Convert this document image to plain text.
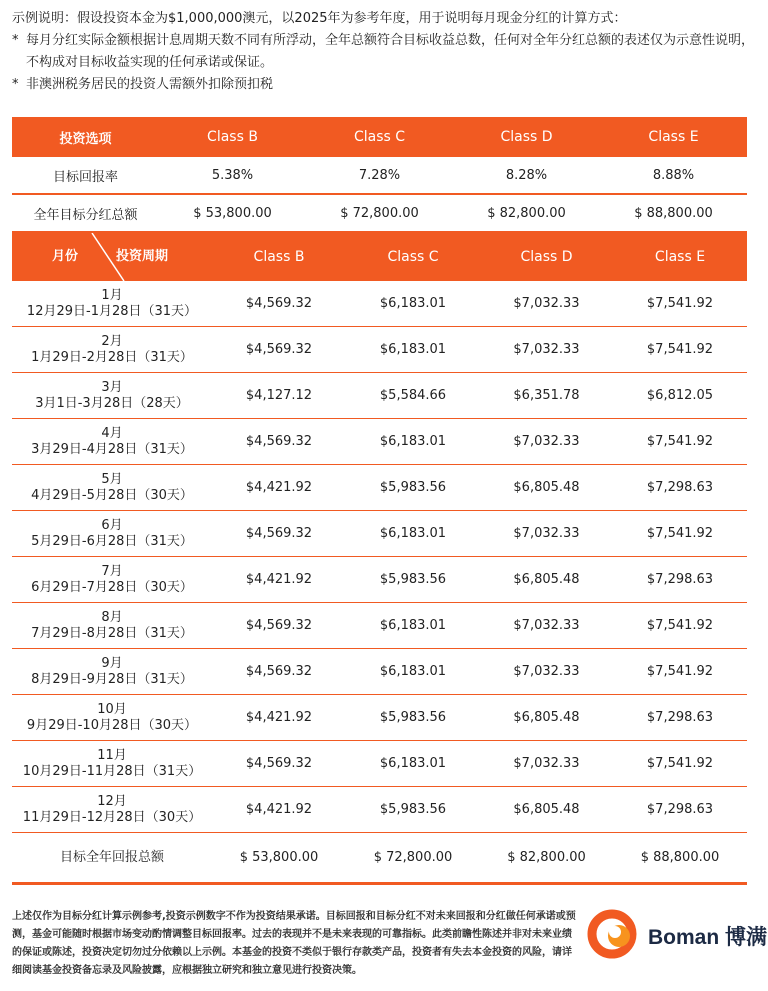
示例说明：假设投资本金为$1,000,000澳元，以2025年为参考年度，用于说明每月现金分红的计算方式：
* 每月分红实际金额根据计息周期天数不同有所浮动，全年总额符合目标收益总数，任何对全年分红总额的表述仅为示意性说明，不构成对目标收益实现的任何承诺或保证。
* 非澳洲税务居民的投资人需额外扣除预扣税
投资选项	Class B	Class C	Class D	Class E
目标回报率	5.38%	7.28%	8.28%	8.88%
全年目标分红总额	$ 53,800.00	$ 72,800.00	$ 82,800.00	$ 88,800.00
月份 投资周期	Class B	Class C	Class D	Class E

1月
12月29日-1月28日（31天）	$4,569.32	$6,183.01	$7,032.33	$7,541.92

2月
1月29日-2月28日（31天）	$4,569.32	$6,183.01	$7,032.33	$7,541.92

3月
3月1日-3月28日（28天）	$4,127.12	$5,584.66	$6,351.78	$6,812.05

4月
3月29日-4月28日（31天）	$4,569.32	$6,183.01	$7,032.33	$7,541.92

5月
4月29日-5月28日（30天）	$4,421.92	$5,983.56	$6,805.48	$7,298.63

6月
5月29日-6月28日（31天）	$4,569.32	$6,183.01	$7,032.33	$7,541.92

7月
6月29日-7月28日（30天）	$4,421.92	$5,983.56	$6,805.48	$7,298.63

8月
7月29日-8月28日（31天）	$4,569.32	$6,183.01	$7,032.33	$7,541.92

9月
8月29日-9月28日（31天）	$4,569.32	$6,183.01	$7,032.33	$7,541.92

10月
9月29日-10月28日（30天）	$4,421.92	$5,983.56	$6,805.48	$7,298.63

11月
10月29日-11月28日（31天）	$4,569.32	$6,183.01	$7,032.33	$7,541.92

12月
11月29日-12月28日（30天）	$4,421.92	$5,983.56	$6,805.48	$7,298.63
目标全年回报总额	$ 53,800.00	$ 72,800.00	$ 82,800.00	$ 88,800.00
上述仅作为目标分红计算示例参考,投资示例数字不作为投资结果承诺。目标回报和目标分红不对未来回报和分红做任何承诺或预测，基金可能随时根据市场变动酌情调整目标回报率。过去的表现并不是未来表现的可靠指标。此类前瞻性陈述并非对未来业绩的保证或陈述，投资决定切勿过分依赖以上示例。本基金的投资不类似于银行存款类产品，投资者有失去本金投资的风险，请详细阅读基金投资备忘录及风险披露，应根据独立研究和独立意见进行投资决策。
Boman 博满
